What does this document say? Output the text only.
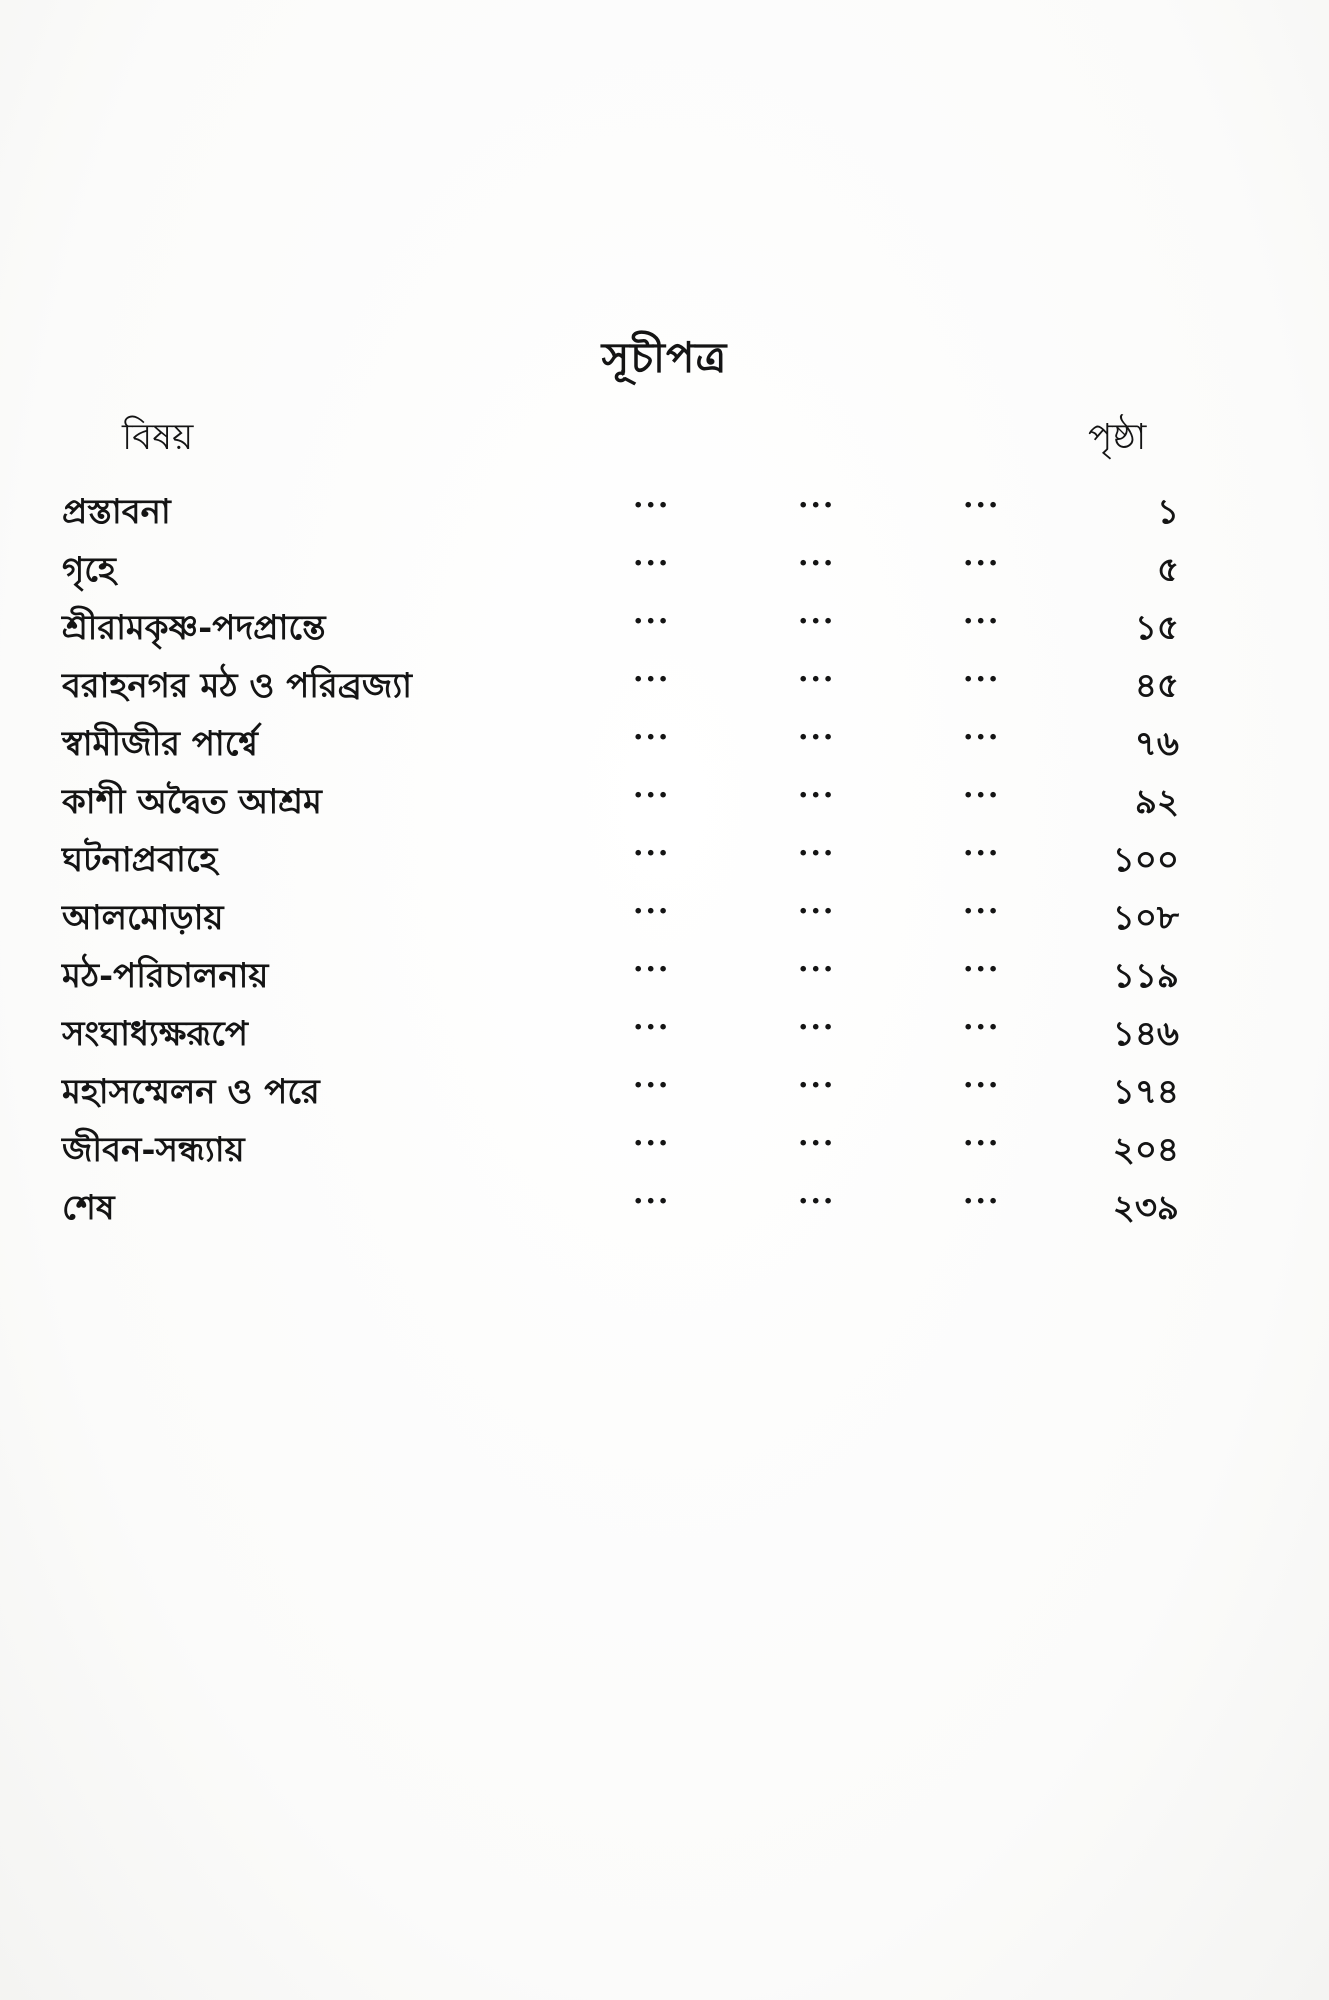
সূচীপত্র
বিষয়	পৃষ্ঠা
প্রস্তাবনা	...	...	...	১
গৃহে	...	...	...	৫
শ্রীরামকৃষ্ণ-পদপ্রান্তে	...	...	...	১৫
বরাহনগর মঠ ও পরিব্রজ্যা	...	...	...	৪৫
স্বামীজীর পার্শ্বে	...	...	...	৭৬
কাশী অদ্বৈত আশ্রম	...	...	...	৯২
ঘটনাপ্রবাহে	...	...	...	১০০
আলমোড়ায়	...	...	...	১০৮
মঠ-পরিচালনায়	...	...	...	১১৯
সংঘাধ্যক্ষরূপে	...	...	...	১৪৬
মহাসম্মেলন ও পরে	...	...	...	১৭৪
জীবন-সন্ধ্যায়	...	...	...	২০৪
শেষ	...	...	...	২৩৯
